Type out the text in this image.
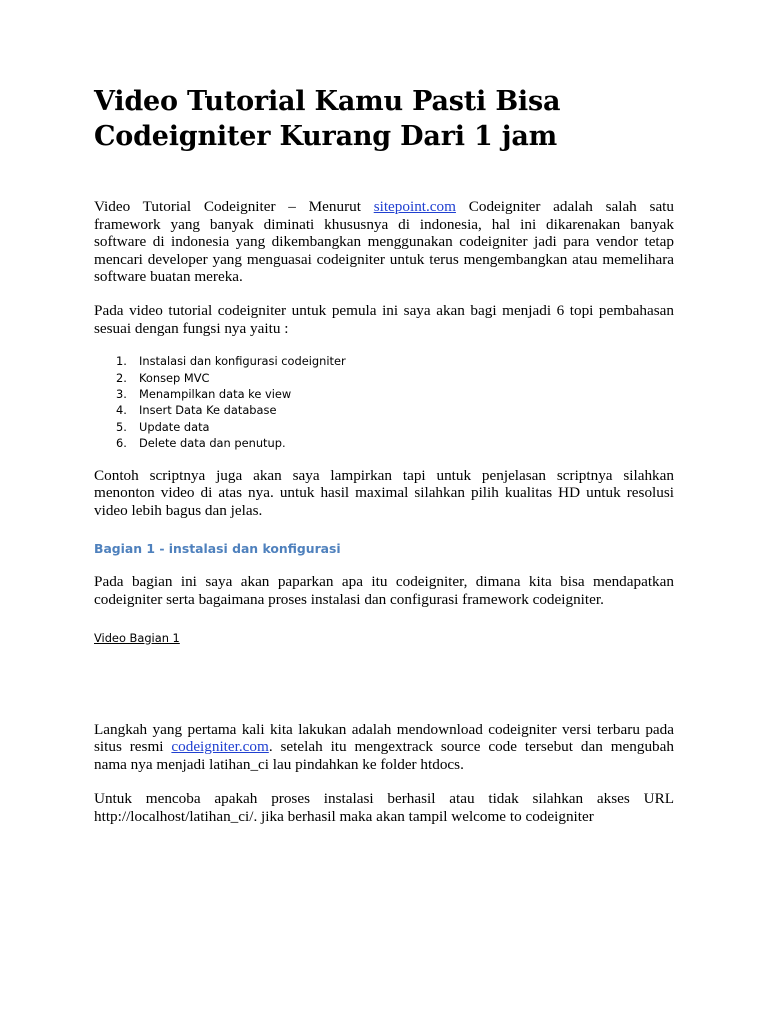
Video Tutorial Kamu Pasti Bisa
Codeigniter Kurang Dari 1 jam

Video Tutorial Codeigniter – Menurut sitepoint.com Codeigniter adalah salah satu
framework yang banyak diminati khususnya di indonesia, hal ini dikarenakan banyak
software di indonesia yang dikembangkan menggunakan codeigniter jadi para vendor tetap
mencari developer yang menguasai codeigniter untuk terus mengembangkan atau memelihara
software buatan mereka.

Pada video tutorial codeigniter untuk pemula ini saya akan bagi menjadi 6 topi pembahasan
sesuai dengan fungsi nya yaitu :

1.	Instalasi dan konfigurasi codeigniter
2.	Konsep MVC
3.	Menampilkan data ke view
4.	Insert Data Ke database
5.	Update data
6.	Delete data dan penutup.

Contoh scriptnya juga akan saya lampirkan tapi untuk penjelasan scriptnya silahkan
menonton video di atas nya. untuk hasil maximal silahkan pilih kualitas HD untuk resolusi
video lebih bagus dan jelas.

Bagian 1 - instalasi dan konfigurasi

Pada bagian ini saya akan paparkan apa itu codeigniter, dimana kita bisa mendapatkan
codeigniter serta bagaimana proses instalasi dan configurasi framework codeigniter.

Video Bagian 1

Langkah yang pertama kali kita lakukan adalah mendownload codeigniter versi terbaru pada
situs resmi codeigniter.com. setelah itu mengextrack source code tersebut dan mengubah
nama nya menjadi latihan_ci lau pindahkan ke folder htdocs.

Untuk mencoba apakah proses instalasi berhasil atau tidak silahkan akses URL
http://localhost/latihan_ci/. jika berhasil maka akan tampil welcome to codeigniter
